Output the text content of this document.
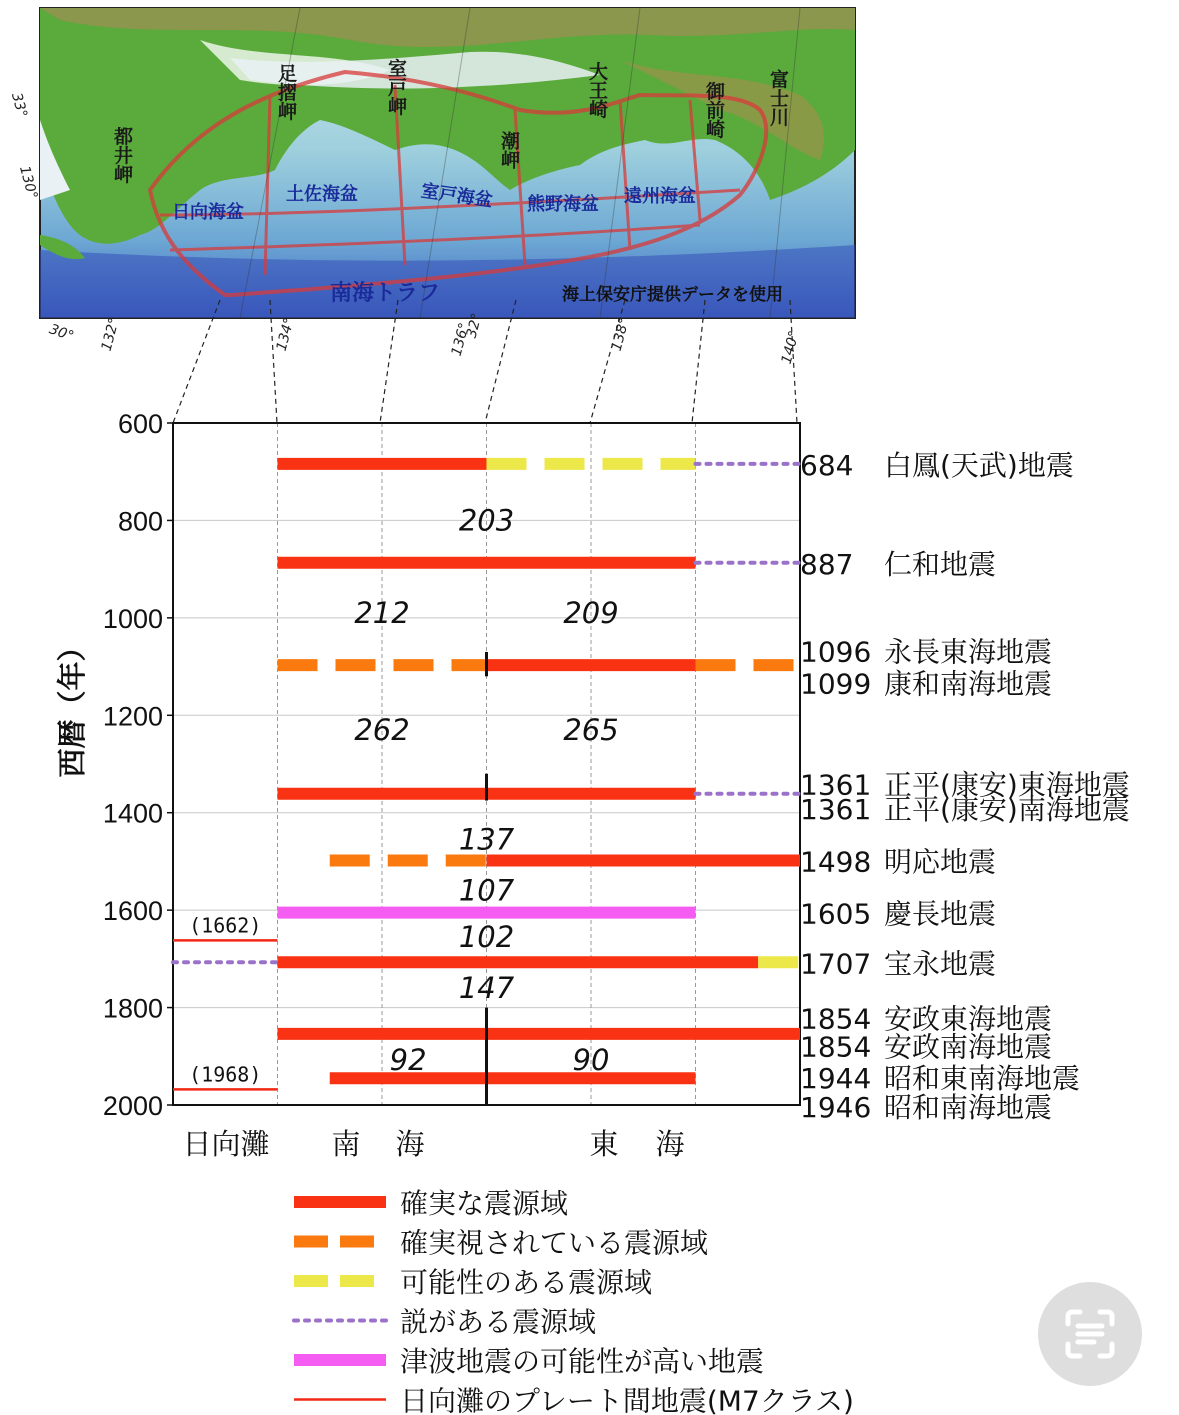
都井岬
足摺岬	室戸岬
潮岬
大王崎	御前崎 富士川
日向海盆
土佐海盆	室戸海盆 熊野海盆 遠州海盆
南海トラフ	海上保安庁提供データを使用
33°
130°
30° 132°	134°	136°
32°	138°	140°
600
800
1000
1200
1400
1600
1800
2000
西暦（年）
日向灘 南 海	東 海
(1662)
(1968)
203
212	209
262	265
137
107
102
147
92	90
684 白鳳(天武)地震
887 仁和地震
1096 永長東海地震
1099 康和南海地震
1361 正平(康安)東海地震
1361 正平(康安)南海地震
1498 明応地震
1605 慶長地震
1707 宝永地震
1854 安政東海地震
1854 安政南海地震
1944 昭和東南海地震
1946 昭和南海地震
確実な震源域
確実視されている震源域
可能性のある震源域
説がある震源域
津波地震の可能性が高い地震
日向灘のプレート間地震(M7クラス)
